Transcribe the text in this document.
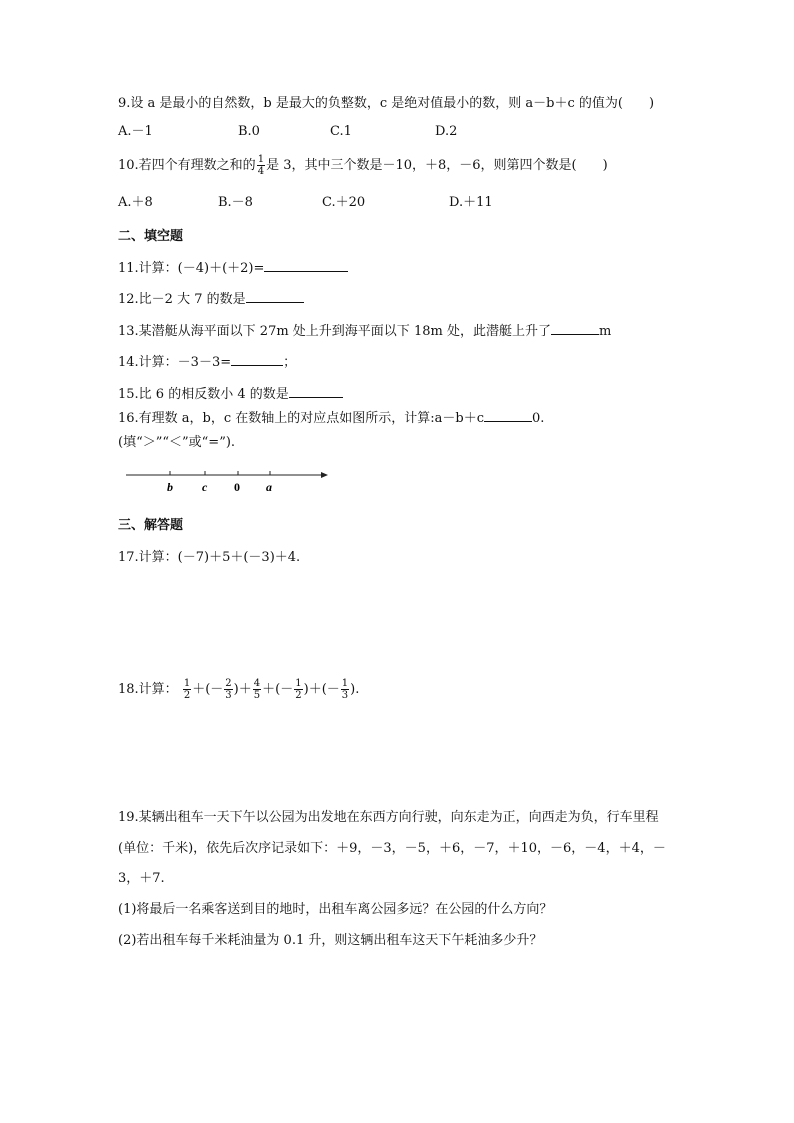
9.设 a 是最小的自然数，b 是最大的负整数，c 是绝对值最小的数，则 a－b＋c 的值为(　　)
A.－1	B.0	C.1	D.2
10.若四个有理数之和的 $\frac{1}{4}$ 是 3，其中三个数是－10，＋8，－6，则第四个数是(　　)
A.＋8	B.－8	C.＋20	D.＋11
二、填空题
11.计算：(－4)＋(＋2)=
12.比－2 大 7 的数是
13.某潜艇从海平面以下 27m 处上升到海平面以下 18m 处，此潜艇上升了	m
14.计算：－3－3=	；
15.比 6 的相反数小 4 的数是
16.有理数 a，b，c 在数轴上的对应点如图所示，计算:a－b＋c	0.
(填“＞”“＜”或“=”).
b c 0 a
三、解答题
17.计算：(－7)＋5＋(－3)＋4.
18.计算： $\frac{1}{2}$ ＋(－ $\frac{2}{3}$ )＋ $\frac{4}{5}$ ＋(－ $\frac{1}{2}$ )＋(－ $\frac{1}{3}$ ).
19.某辆出租车一天下午以公园为出发地在东西方向行驶，向东走为正，向西走为负，行车里程
(单位：千米)，依先后次序记录如下：＋9，－3，－5，＋6，－7，＋10，－6，－4，＋4，－
3，＋7.
(1)将最后一名乘客送到目的地时，出租车离公园多远？在公园的什么方向？
(2)若出租车每千米耗油量为 0.1 升，则这辆出租车这天下午耗油多少升？
